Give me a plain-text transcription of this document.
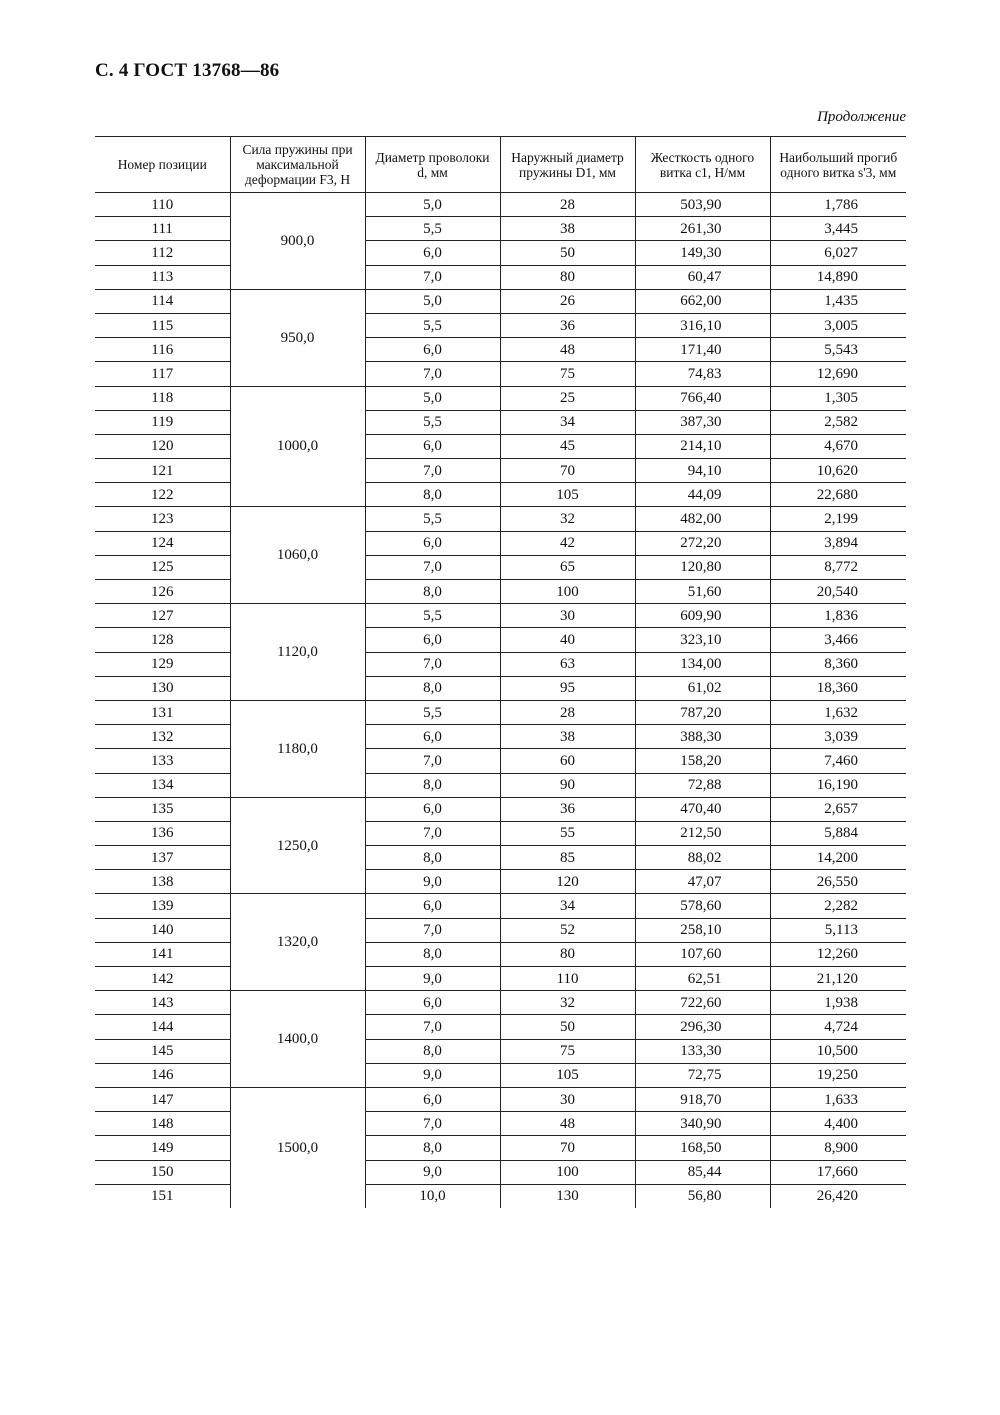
С. 4 ГОСТ 13768—86
Продолжение
Номер позиции	Сила пружины при максимальной деформации F3, Н	Диаметр проволоки d, мм	Наружный диаметр пружины D1, мм	Жесткость одного витка c1, Н/мм	Наибольший прогиб одного витка s'3, мм
110	900,0	5,0	28	503,90	1,786
111		5,5	38	261,30	3,445
112		6,0	50	149,30	6,027
113		7,0	80	60,47	14,890
114	950,0	5,0	26	662,00	1,435
115		5,5	36	316,10	3,005
116		6,0	48	171,40	5,543
117		7,0	75	74,83	12,690
118	1000,0	5,0	25	766,40	1,305
119		5,5	34	387,30	2,582
120		6,0	45	214,10	4,670
121		7,0	70	94,10	10,620
122		8,0	105	44,09	22,680
123	1060,0	5,5	32	482,00	2,199
124		6,0	42	272,20	3,894
125		7,0	65	120,80	8,772
126		8,0	100	51,60	20,540
127	1120,0	5,5	30	609,90	1,836
128		6,0	40	323,10	3,466
129		7,0	63	134,00	8,360
130		8,0	95	61,02	18,360
131	1180,0	5,5	28	787,20	1,632
132		6,0	38	388,30	3,039
133		7,0	60	158,20	7,460
134		8,0	90	72,88	16,190
135	1250,0	6,0	36	470,40	2,657
136		7,0	55	212,50	5,884
137		8,0	85	88,02	14,200
138		9,0	120	47,07	26,550
139	1320,0	6,0	34	578,60	2,282
140		7,0	52	258,10	5,113
141		8,0	80	107,60	12,260
142		9,0	110	62,51	21,120
143	1400,0	6,0	32	722,60	1,938
144		7,0	50	296,30	4,724
145		8,0	75	133,30	10,500
146		9,0	105	72,75	19,250
147	1500,0	6,0	30	918,70	1,633
148		7,0	48	340,90	4,400
149		8,0	70	168,50	8,900
150		9,0	100	85,44	17,660
151		10,0	130	56,80	26,420
